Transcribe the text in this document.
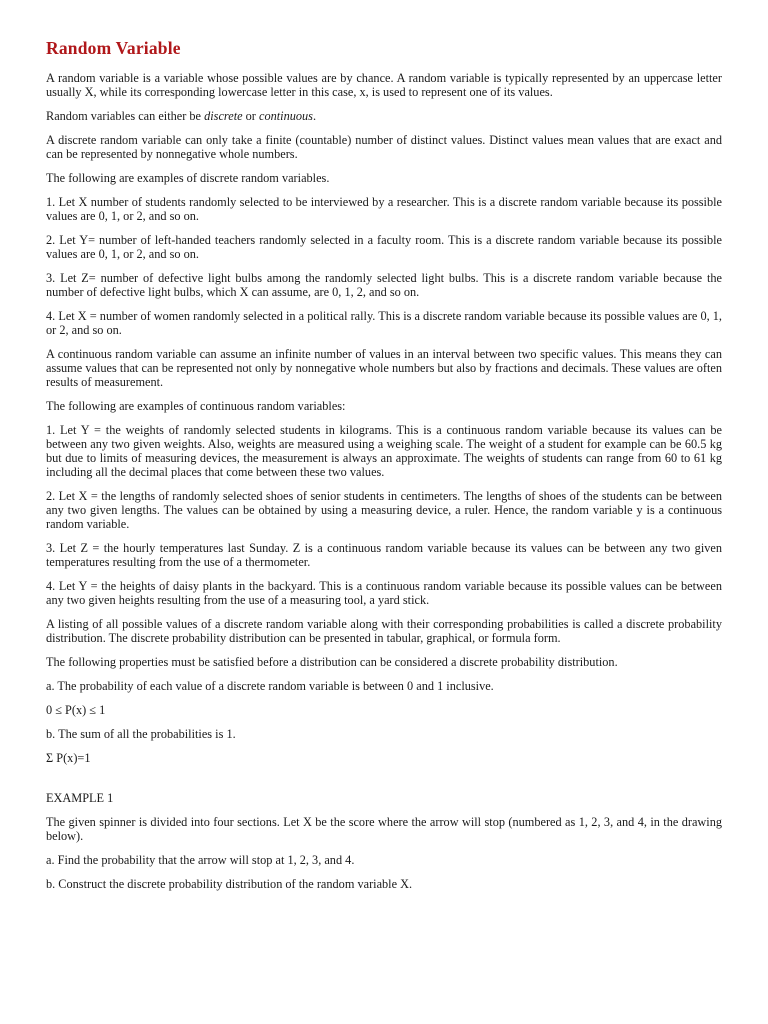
Random Variable

A random variable is a variable whose possible values are by chance. A random variable is typically represented by an uppercase letter usually X, while its corresponding lowercase letter in this case, x, is used to represent one of its values.

Random variables can either be discrete or continuous.

A discrete random variable can only take a finite (countable) number of distinct values. Distinct values mean values that are exact and can be represented by nonnegative whole numbers.

The following are examples of discrete random variables.

1. Let X number of students randomly selected to be interviewed by a researcher. This is a discrete random variable because its possible values are 0, 1, or 2, and so on.

2. Let Y= number of left-handed teachers randomly selected in a faculty room. This is a discrete random variable because its possible values are 0, 1, or 2, and so on.

3. Let Z= number of defective light bulbs among the randomly selected light bulbs. This is a discrete random variable because the number of defective light bulbs, which X can assume, are 0, 1, 2, and so on.

4. Let X = number of women randomly selected in a political rally. This is a discrete random variable because its possible values are 0, 1, or 2, and so on.

A continuous random variable can assume an infinite number of values in an interval between two specific values. This means they can assume values that can be represented not only by nonnegative whole numbers but also by fractions and decimals. These values are often results of measurement.

The following are examples of continuous random variables:

1. Let Y = the weights of randomly selected students in kilograms. This is a continuous random variable because its values can be between any two given weights. Also, weights are measured using a weighing scale. The weight of a student for example can be 60.5 kg but due to limits of measuring devices, the measurement is always an approximate. The weights of students can range from 60 to 61 kg including all the decimal places that come between these two values.

2. Let X = the lengths of randomly selected shoes of senior students in centimeters. The lengths of shoes of the students can be between any two given lengths. The values can be obtained by using a measuring device, a ruler. Hence, the random variable y is a continuous random variable.

3. Let Z = the hourly temperatures last Sunday. Z is a continuous random variable because its values can be between any two given temperatures resulting from the use of a thermometer.

4. Let Y = the heights of daisy plants in the backyard. This is a continuous random variable because its possible values can be between any two given heights resulting from the use of a measuring tool, a yard stick.

A listing of all possible values of a discrete random variable along with their corresponding probabilities is called a discrete probability distribution. The discrete probability distribution can be presented in tabular, graphical, or formula form.

The following properties must be satisfied before a distribution can be considered a discrete probability distribution.

a. The probability of each value of a discrete random variable is between 0 and 1 inclusive.

0 ≤ P(x) ≤ 1

b. The sum of all the probabilities is 1.

Σ P(x)=1

EXAMPLE 1

The given spinner is divided into four sections. Let X be the score where the arrow will stop (numbered as 1, 2, 3, and 4, in the drawing below).

a. Find the probability that the arrow will stop at 1, 2, 3, and 4.

b. Construct the discrete probability distribution of the random variable X.
